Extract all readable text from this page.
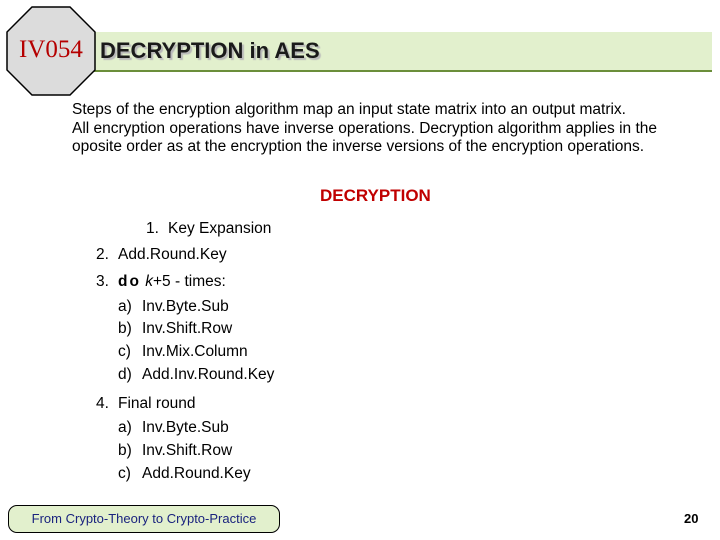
IV054 DECRYPTION in AES

Steps of the encryption algorithm map an input state matrix into an output matrix.

All encryption operations have inverse operations. Decryption algorithm applies in the oposite order as at the encryption the inverse versions of the encryption operations.

DECRYPTION
1. Key Expansion
2. Add.Round.Key
3. do k+5 - times:
a) Inv.Byte.Sub
b) Inv.Shift.Row
c) Inv.Mix.Column
d) Add.Inv.Round.Key
4. Final round
a) Inv.Byte.Sub
b) Inv.Shift.Row
c) Add.Round.Key
From Crypto-Theory to Crypto-Practice	20
